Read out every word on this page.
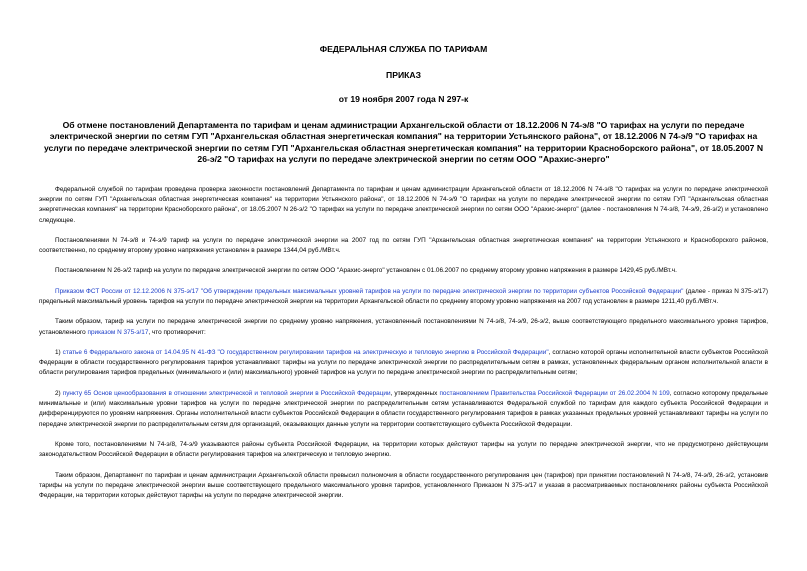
ФЕДЕРАЛЬНАЯ СЛУЖБА ПО ТАРИФАМ
ПРИКАЗ
от 19 ноября 2007 года N 297-к
Об отмене постановлений Департамента по тарифам и ценам администрации Архангельской области от 18.12.2006 N 74-э/8 "О тарифах на услуги по передаче электрической энергии по сетям ГУП "Архангельская областная энергетическая компания" на территории Устьянского района", от 18.12.2006 N 74-э/9 "О тарифах на услуги по передаче электрической энергии по сетям ГУП "Архангельская областная энергетическая компания" на территории Красноборского района", от 18.05.2007 N 26-э/2 "О тарифах на услуги по передаче электрической энергии по сетям ООО "Арахис-энерго"

Федеральной службой по тарифам проведена проверка законности постановлений Департамента по тарифам и ценам администрации Архангельской области от 18.12.2006 N 74-э/8 "О тарифах на услуги по передаче электрической энергии по сетям ГУП "Архангельская областная энергетическая компания" на территории Устьянского района", от 18.12.2006 N 74-э/9 "О тарифах на услуги по передаче электрической энергии по сетям ГУП "Архангельская областная энергетическая компания" на территории Красноборского района", от 18.05.2007 N 26-э/2 "О тарифах на услуги по передаче электрической энергии по сетям ООО "Арахис-энерго" (далее - постановления N 74-э/8, 74-э/9, 26-э/2) и установлено следующее.

Постановлениями N 74-э/8 и 74-э/9 тариф на услуги по передаче электрической энергии на 2007 год по сетям ГУП "Архангельская областная энергетическая компания" на территории Устьянского и Красноборского районов, соответственно, по среднему второму уровню напряжения установлен в размере 1344,04 руб./МВт.ч.

Постановлением N 26-э/2 тариф на услуги по передаче электрической энергии по сетям ООО "Арахис-энерго" установлен с 01.06.2007 по среднему второму уровню напряжения в размере 1429,45 руб./МВт.ч.

Приказом ФСТ России от 12.12.2006 N 375-э/17 "Об утверждении предельных максимальных уровней тарифов на услуги по передаче электрической энергии по территории субъектов Российской Федерации" (далее - приказ N 375-э/17) предельный максимальный уровень тарифов на услуги по передаче электрической энергии на территории Архангельской области по среднему второму уровню напряжения на 2007 год установлен в размере 1211,40 руб./МВт.ч.

Таким образом, тариф на услуги по передаче электрической энергии по среднему уровню напряжения, установленный постановлениями N 74-э/8, 74-э/9, 26-э/2, выше соответствующего предельного максимального уровня тарифов, установленного приказом N 375-э/17, что противоречит:

1) статье 6 Федерального закона от 14.04.95 N 41-ФЗ "О государственном регулировании тарифов на электрическую и тепловую энергию в Российской Федерации", согласно которой органы исполнительной власти субъектов Российской Федерации в области государственного регулирования тарифов устанавливают тарифы на услуги по передаче электрической энергии по распределительным сетям в рамках, установленных федеральным органом исполнительной власти в области регулирования тарифов предельных (минимального и (или) максимального) уровней тарифов на услуги по передаче электрической энергии по распределительным сетям;

2) пункту 65 Основ ценообразования в отношении электрической и тепловой энергии в Российской Федерации, утвержденных постановлением Правительства Российской Федерации от 26.02.2004 N 109, согласно которому предельные минимальные и (или) максимальные уровни тарифов на услуги по передаче электрической энергии по распределительным сетям устанавливаются Федеральной службой по тарифам для каждого субъекта Российской Федерации и дифференцируются по уровням напряжения. Органы исполнительной власти субъектов Российской Федерации в области государственного регулирования тарифов в рамках указанных предельных уровней устанавливают тарифы на услуги по передаче электрической энергии по распределительным сетям для организаций, оказывающих данные услуги на территории соответствующего субъекта Российской Федерации.

Кроме того, постановлениями N 74-э/8, 74-э/9 указываются районы субъекта Российской Федерации, на территории которых действуют тарифы на услуги по передаче электрической энергии, что не предусмотрено действующим законодательством Российской Федерации в области регулирования тарифов на электрическую и тепловую энергию.

Таким образом, Департамент по тарифам и ценам администрации Архангельской области превысил полномочия в области государственного регулирования цен (тарифов) при принятии постановлений N 74-э/8, 74-э/9, 26-э/2, установив тарифы на услуги по передаче электрической энергии выше соответствующего предельного максимального уровня тарифов, установленного Приказом N 375-э/17 и указав в рассматриваемых постановлениях районы субъекта Российской Федерации, на территории которых действуют тарифы на услуги по передаче электрической энергии.
